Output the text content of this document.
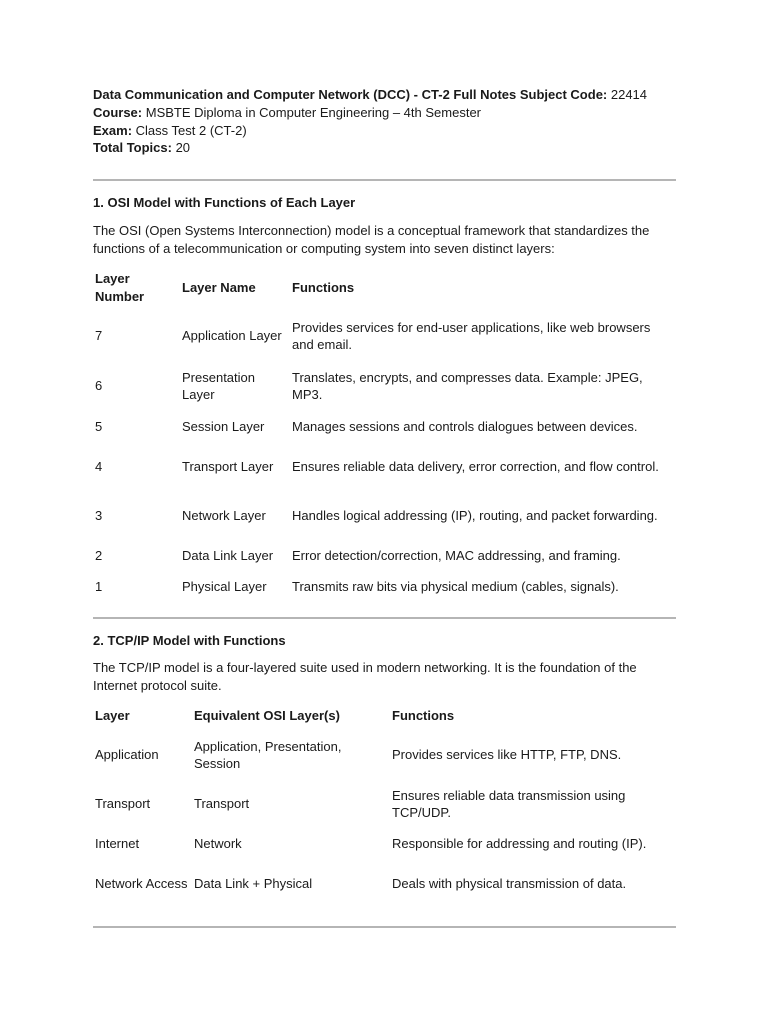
Data Communication and Computer Network (DCC) - CT-2 Full Notes Subject Code: 22414
Course: MSBTE Diploma in Computer Engineering – 4th Semester
Exam: Class Test 2 (CT-2)
Total Topics: 20
1. OSI Model with Functions of Each Layer
The OSI (Open Systems Interconnection) model is a conceptual framework that standardizes the functions of a telecommunication or computing system into seven distinct layers:
Layer Number	Layer Name	Functions
7	Application Layer	Provides services for end-user applications, like web browsers and email.
6	Presentation Layer	Translates, encrypts, and compresses data. Example: JPEG, MP3.
5	Session Layer	Manages sessions and controls dialogues between devices.
4	Transport Layer	Ensures reliable data delivery, error correction, and flow control.
3	Network Layer	Handles logical addressing (IP), routing, and packet forwarding.
2	Data Link Layer	Error detection/correction, MAC addressing, and framing.
1	Physical Layer	Transmits raw bits via physical medium (cables, signals).
2. TCP/IP Model with Functions
The TCP/IP model is a four-layered suite used in modern networking. It is the foundation of the Internet protocol suite.
Layer	Equivalent OSI Layer(s)	Functions
Application	Application, Presentation, Session	Provides services like HTTP, FTP, DNS.
Transport	Transport	Ensures reliable data transmission using TCP/UDP.
Internet	Network	Responsible for addressing and routing (IP).
Network Access	Data Link + Physical	Deals with physical transmission of data.
